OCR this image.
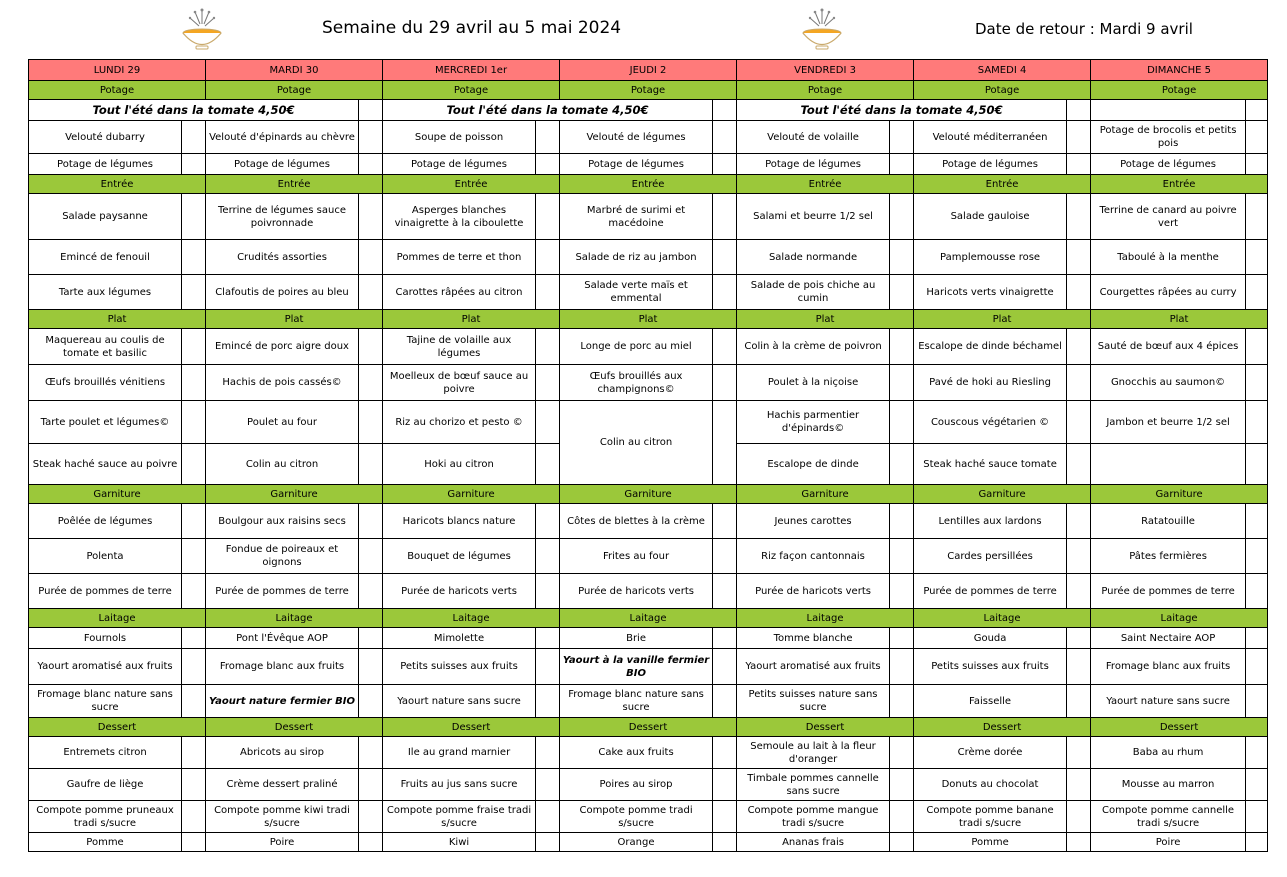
Semaine du 29 avril au 5 mai 2024	Date de retour : Mardi 9 avril
LUNDI 29		MARDI 30		MERCREDI 1er		JEUDI 2		VENDREDI 3		SAMEDI 4		DIMANCHE 5	
Potage		Potage		Potage		Potage		Potage		Potage		Potage	
Tout l'été dans la tomate 4,50€				Tout l'été dans la tomate 4,50€				Tout l'été dans la tomate 4,50€					
Velouté dubarry		Velouté d'épinards au chèvre		Soupe de poisson		Velouté de légumes		Velouté de volaille		Velouté méditerranéen		Potage de brocolis et petits pois	
Potage de légumes		Potage de légumes		Potage de légumes		Potage de légumes		Potage de légumes		Potage de légumes		Potage de légumes	
Entrée		Entrée		Entrée		Entrée		Entrée		Entrée		Entrée	
Salade paysanne		Terrine de légumes sauce poivronnade		Asperges blanches vinaigrette à la ciboulette		Marbré de surimi et macédoine		Salami et beurre 1/2 sel		Salade gauloise		Terrine de canard au poivre vert	
Emincé de fenouil		Crudités assorties		Pommes de terre et thon		Salade de riz au jambon		Salade normande		Pamplemousse rose		Taboulé à la menthe	
Tarte aux légumes		Clafoutis de poires au bleu		Carottes râpées au citron		Salade verte maïs et emmental		Salade de pois chiche au cumin		Haricots verts vinaigrette		Courgettes râpées au curry	
Plat		Plat		Plat		Plat		Plat		Plat		Plat	
Maquereau au coulis de tomate et basilic		Emincé de porc aigre doux		Tajine de volaille aux légumes		Longe de porc au miel		Colin à la crème de poivron		Escalope de dinde béchamel		Sauté de bœuf aux 4 épices	
Œufs brouillés vénitiens		Hachis de pois cassés©		Moelleux de bœuf sauce au poivre		Œufs brouillés aux champignons©		Poulet à la niçoise		Pavé de hoki au Riesling		Gnocchis au saumon©	
Tarte poulet et légumes©		Poulet au four		Riz au chorizo et pesto ©		Colin au citron		Hachis parmentier d'épinards©		Couscous végétarien ©		Jambon et beurre 1/2 sel	
Steak haché sauce au poivre		Colin au citron		Hoki au citron				Escalope de dinde		Steak haché sauce tomate			
Garniture		Garniture		Garniture		Garniture		Garniture		Garniture		Garniture	
Poêlée de légumes		Boulgour aux raisins secs		Haricots blancs nature		Côtes de blettes à la crème		Jeunes carottes		Lentilles aux lardons		Ratatouille	
Polenta		Fondue de poireaux et oignons		Bouquet de légumes		Frites au four		Riz façon cantonnais		Cardes persillées		Pâtes fermières	
Purée de pommes de terre		Purée de pommes de terre		Purée de haricots verts		Purée de haricots verts		Purée de haricots verts		Purée de pommes de terre		Purée de pommes de terre	
Laitage		Laitage		Laitage		Laitage		Laitage		Laitage		Laitage	
Fournols		Pont l'Évêque AOP		Mimolette		Brie		Tomme blanche		Gouda		Saint Nectaire AOP	
Yaourt aromatisé aux fruits		Fromage blanc aux fruits		Petits suisses aux fruits		Yaourt à la vanille fermier BIO		Yaourt aromatisé aux fruits		Petits suisses aux fruits		Fromage blanc aux fruits	
Fromage blanc nature sans sucre		Yaourt nature fermier BIO		Yaourt nature sans sucre		Fromage blanc nature sans sucre		Petits suisses nature sans sucre		Faisselle		Yaourt nature sans sucre	
Dessert		Dessert		Dessert		Dessert		Dessert		Dessert		Dessert	
Entremets citron		Abricots au sirop		Ile au grand marnier		Cake aux fruits		Semoule au lait à la fleur d'oranger		Crème dorée		Baba au rhum	
Gaufre de liège		Crème dessert praliné		Fruits au jus sans sucre		Poires au sirop		Timbale pommes cannelle sans sucre		Donuts au chocolat		Mousse au marron	
Compote pomme pruneaux tradi s/sucre		Compote pomme kiwi tradi s/sucre		Compote pomme fraise tradi s/sucre		Compote pomme tradi s/sucre		Compote pomme mangue tradi s/sucre		Compote pomme banane tradi s/sucre		Compote pomme cannelle tradi s/sucre	
Pomme		Poire		Kiwi		Orange		Ananas frais		Pomme		Poire	
